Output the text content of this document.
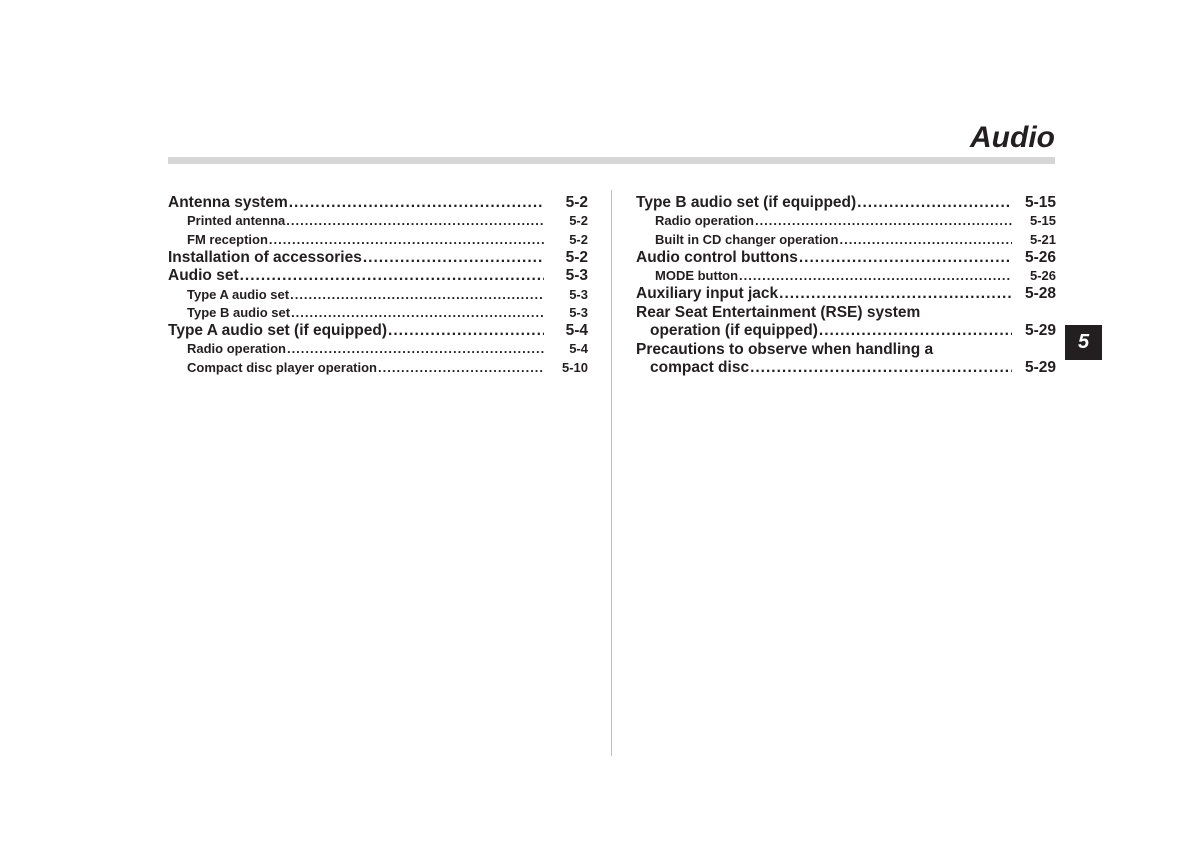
Audio
Antenna system .....	5-2
Printed antenna .....	5-2
FM reception .....	5-2
Installation of accessories .....	5-2
Audio set .....	5-3
Type A audio set .....	5-3
Type B audio set .....	5-3
Type A audio set (if equipped) .....	5-4
Radio operation .....	5-4
Compact disc player operation .....	5-10
Type B audio set (if equipped) .....	5-15
Radio operation .....	5-15
Built in CD changer operation .....	5-21
Audio control buttons .....	5-26
MODE button .....	5-26
Auxiliary input jack .....	5-28
Rear Seat Entertainment (RSE) system
operation (if equipped) .....	5-29
Precautions to observe when handling a
compact disc .....	5-29
5
